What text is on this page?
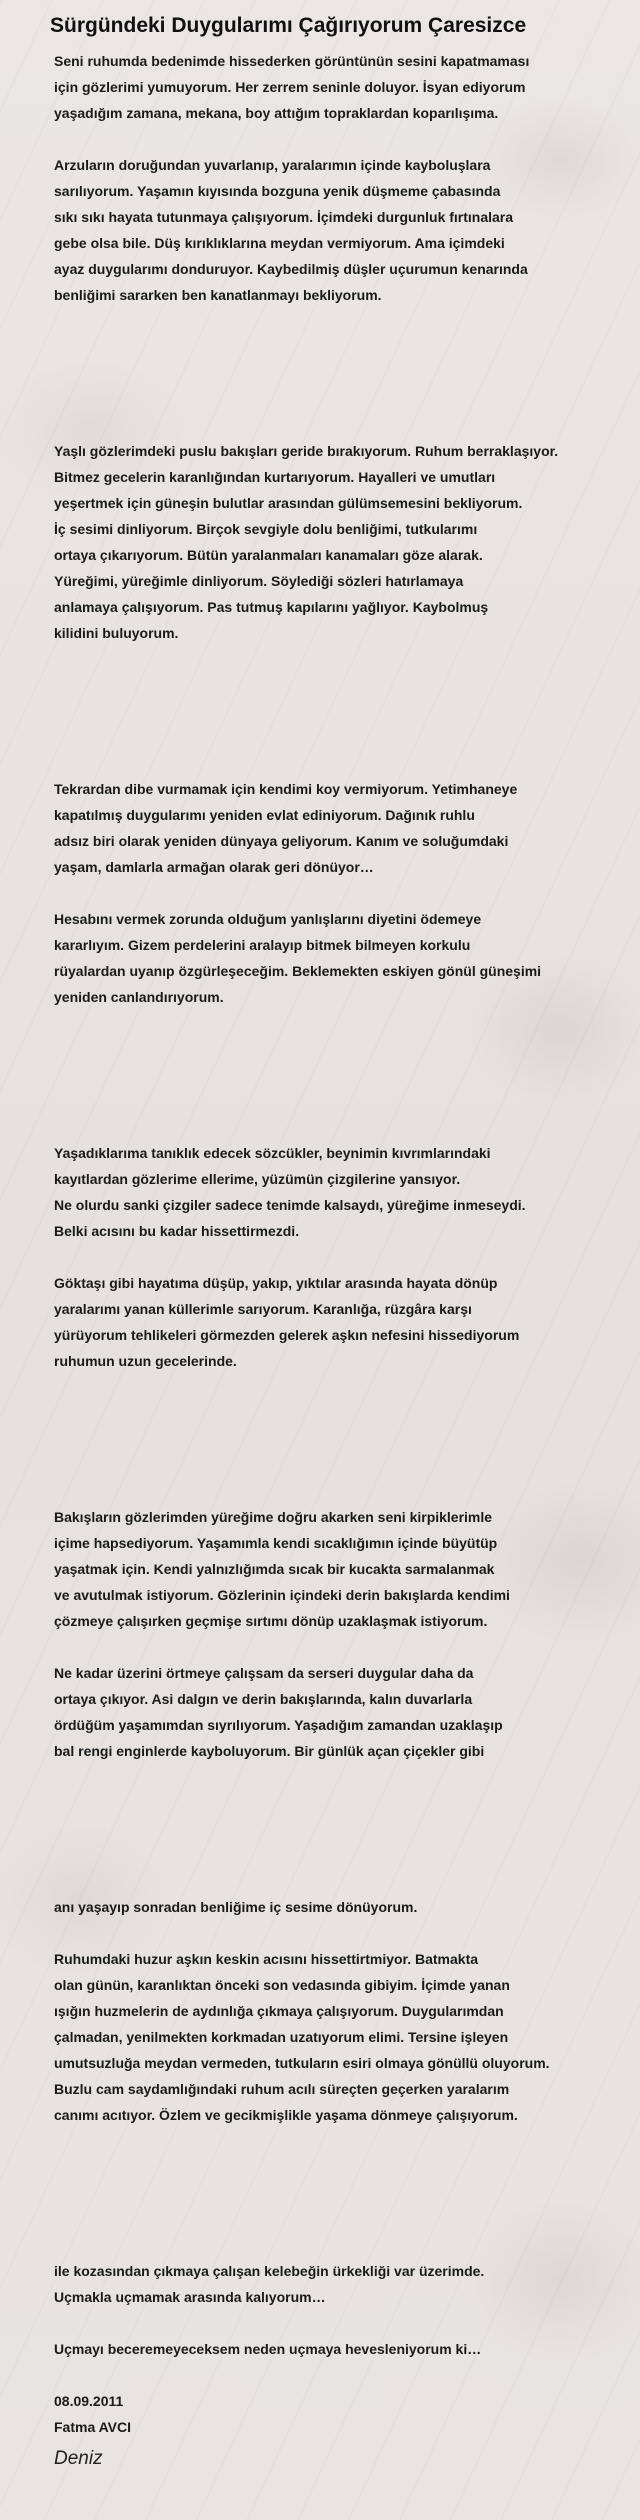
Sürgündeki Duygularımı Çağırıyorum Çaresizce

Seni ruhumda bedenimde hissederken görüntünün sesini kapatmaması
için gözlerimi yumuyorum. Her zerrem seninle doluyor. İsyan ediyorum
yaşadığım zamana, mekana, boy attığım topraklardan koparılışıma.

Arzuların doruğundan yuvarlanıp, yaralarımın içinde kayboluşlara
sarılıyorum. Yaşamın kıyısında bozguna yenik düşmeme çabasında
sıkı sıkı hayata tutunmaya çalışıyorum. İçimdeki durgunluk fırtınalara
gebe olsa bile. Düş kırıklıklarına meydan vermiyorum. Ama içimdeki
ayaz duygularımı donduruyor. Kaybedilmiş düşler uçurumun kenarında
benliğimi sararken ben kanatlanmayı bekliyorum.

Yaşlı gözlerimdeki puslu bakışları geride bırakıyorum. Ruhum berraklaşıyor.
Bitmez gecelerin karanlığından kurtarıyorum. Hayalleri ve umutları
yeşertmek için güneşin bulutlar arasından gülümsemesini bekliyorum.
İç sesimi dinliyorum. Birçok sevgiyle dolu benliğimi, tutkularımı
ortaya çıkarıyorum. Bütün yaralanmaları kanamaları göze alarak.
Yüreğimi, yüreğimle dinliyorum. Söylediği sözleri hatırlamaya
anlamaya çalışıyorum. Pas tutmuş kapılarını yağlıyor. Kaybolmuş
kilidini buluyorum.

Tekrardan dibe vurmamak için kendimi koy vermiyorum. Yetimhaneye
kapatılmış duygularımı yeniden evlat ediniyorum. Dağınık ruhlu
adsız biri olarak yeniden dünyaya geliyorum. Kanım ve soluğumdaki
yaşam, damlarla armağan olarak geri dönüyor…

Hesabını vermek zorunda olduğum yanlışlarını diyetini ödemeye
kararlıyım. Gizem perdelerini aralayıp bitmek bilmeyen korkulu
rüyalardan uyanıp özgürleşeceğim. Beklemekten eskiyen gönül güneşimi
yeniden canlandırıyorum.

Yaşadıklarıma tanıklık edecek sözcükler, beynimin kıvrımlarındaki
kayıtlardan gözlerime ellerime, yüzümün çizgilerine yansıyor.
Ne olurdu sanki çizgiler sadece tenimde kalsaydı, yüreğime inmeseydi.
Belki acısını bu kadar hissettirmezdi.

Göktaşı gibi hayatıma düşüp, yakıp, yıktılar arasında hayata dönüp
yaralarımı yanan küllerimle sarıyorum. Karanlığa, rüzgâra karşı
yürüyorum tehlikeleri görmezden gelerek aşkın nefesini hissediyorum
ruhumun uzun gecelerinde.

Bakışların gözlerimden yüreğime doğru akarken seni kirpiklerimle
içime hapsediyorum. Yaşamımla kendi sıcaklığımın içinde büyütüp
yaşatmak için. Kendi yalnızlığımda sıcak bir kucakta sarmalanmak
ve avutulmak istiyorum. Gözlerinin içindeki derin bakışlarda kendimi
çözmeye çalışırken geçmişe sırtımı dönüp uzaklaşmak istiyorum.

Ne kadar üzerini örtmeye çalışsam da serseri duygular daha da
ortaya çıkıyor. Asi dalgın ve derin bakışlarında, kalın duvarlarla
ördüğüm yaşamımdan sıyrılıyorum. Yaşadığım zamandan uzaklaşıp
bal rengi enginlerde kayboluyorum. Bir günlük açan çiçekler gibi

anı yaşayıp sonradan benliğime iç sesime dönüyorum.

Ruhumdaki huzur aşkın keskin acısını hissettirtmiyor. Batmakta
olan günün, karanlıktan önceki son vedasında gibiyim. İçimde yanan
ışığın huzmelerin de aydınlığa çıkmaya çalışıyorum. Duygularımdan
çalmadan, yenilmekten korkmadan uzatıyorum elimi. Tersine işleyen
umutsuzluğa meydan vermeden, tutkuların esiri olmaya gönüllü oluyorum.
Buzlu cam saydamlığındaki ruhum acılı süreçten geçerken yaralarım
canımı acıtıyor. Özlem ve gecikmişlikle yaşama dönmeye çalışıyorum.

ile kozasından çıkmaya çalışan kelebeğin ürkekliği var üzerimde.
Uçmakla uçmamak arasında kalıyorum…

Uçmayı beceremeyeceksem neden uçmaya hevesleniyorum ki…

08.09.2011
Fatma AVCI

Deniz
